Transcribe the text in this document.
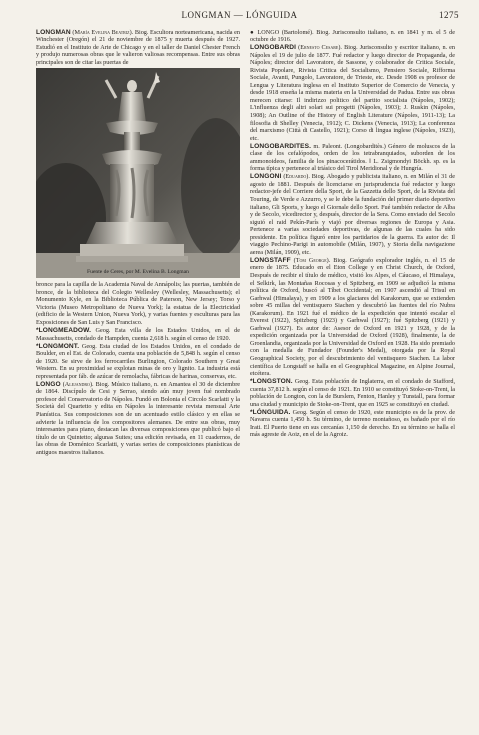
LONGMAN — LÓNGUIDA	1275

LONGMAN (María Evelina Beatriz). Biog. Escultora norteamericana, nacida en Winchester (Oregón) el 21 de noviembre de 1875 y muerta después de 1927. Estudió en el Instituto de Arte de Chicago y en el taller de Daniel Chester French y produjo numerosas obras que le valieron valiosas recompensas. Entre sus obras principales son de citar las puertas de

Fuente de Ceres, por M. Evelina B. Longman

bronce para la capilla de la Academia Naval de Annápolis; las puertas, también de bronce, de la biblioteca del Colegio Wellesley (Wellesley, Massachusetts); el Monumento Kyle, en la Biblioteca Pública de Paterson, New Jersey; Torso y Victoria (Museo Metropolitano de Nueva York); la estatua de la Electricidad (edificio de la Western Union, Nueva York), y varias fuentes y esculturas para las Exposiciones de San Luis y San Francisco.

*LONGMEADOW. Geog. Esta villa de los Estados Unidos, en el de Massachusetts, condado de Hampden, cuenta 2,618 h. según el censo de 1920.

*LONGMONT. Geog. Esta ciudad de los Estados Unidos, en el condado de Boulder, en el Est. de Colorado, cuenta una población de 5,848 h. según el censo de 1920. Se sirve de los ferrocarriles Burlington, Colorado Southern y Great Western. En su proximidad se explotan minas de oro y lignito. La industria está representada por fáb. de azúcar de remolacha, fábricas de harinas, conservas, etc.

LONGO (Alejandro). Biog. Músico italiano, n. en Amantea el 30 de diciembre de 1864. Discípulo de Cesi y Serrao, siendo aún muy joven fué nombrado profesor del Conservatorio de Nápoles. Fundó en Bolonia el Circolo Scarlatti y la Società del Quartetto y edita en Nápoles la interesante revista mensual Arte Pianística. Sus composiciones son de un acentuado estilo clásico y en ellas se advierte la influencia de los compositores alemanes. De entre sus obras, muy interesantes para piano, destacan las diversas composiciones que publicó bajo el título de un Quintetto; algunas Suites; una edición revisada, en 11 cuadernos, de las obras de Doménico Scarlatti, y varias series de composiciones pianísticas de antiguos maestros italianos.

● LONGO (Bartolomé). Biog. Jurisconsulto italiano, n. en 1841 y m. el 5 de octubre de 1916.

LONGOBARDI (Ernesto Cesare). Biog. Jurisconsulto y escritor italiano, n. en Nápoles el 19 de julio de 1877. Fué redactor y luego director de Propaganda, de Nápoles; director del Lavoratore, de Sassone, y colaborador de Critica Sociale, Rivista Popolare, Rivista Critica del Socialismo, Pensiero Sociale, Rifforma Sociale, Avanti, Pungolo, Lavoratore, de Trieste, etc. Desde 1908 es profesor de Lengua y Literatura inglesa en el Instituto Superior de Comercio de Venecia, y desde 1918 enseña la misma materia en la Universidad de Padua. Entre sus obras merecen citarse: Il indirizzo politico del partito socialista (Nápoles, 1902); L'influenza degli altri solari sui progetti (Nápoles, 1903); J. Ruskin (Nápoles, 1908); An Outline of the History of English Literature (Nápoles, 1911-13); La filosofia di Shelley (Venecia, 1912); C. Dickens (Venecia, 1913); La conferenza del marxismo (Città di Castello, 1921); Corso di lingua inglese (Nápoles, 1923), etc.

LONGOBARDITES. m. Paleont. (Longobarditès.) Género de moluscos de la clase de los cefalópodos, orden de los tetrabranquiados, suborden de los ammonoideos, familia de los pinacocerátidos. ‖ L. Zsigmondyi Böckh. sp. es la forma típica y pertenece al triásico del Tirol Meridional y de Hungría.

LONGONI (Eduardo). Biog. Abogado y publicista italiano, n. en Milán el 31 de agosto de 1881. Después de licenciarse en jurisprudencia fué redactor y luego redactor-jefe del Corriere della Sport, de la Gazzetta dello Sport, de la Rivista del Touring, de Verde e Azzurro, y se le debe la fundación del primer diario deportivo italiano, Gli Sports, y luego el Giornale dello Sport. Fué también redactor de Alba y de Secolo, vicedirector y, después, director de la Sera. Como enviado del Secolo siguió el raid Pekín-París y viajó por diversas regiones de Europa y Asia. Pertenece a varias sociedades deportivas, de algunas de las cuales ha sido presidente. En política figuró entre los partidarios de la guerra. Es autor de: Il viaggio Pechino-Parigi in automobile (Milán, 1907), y Storia della navigazione aerea (Milán, 1909), etc.

LONGSTAFF (Tom George). Biog. Geógrafo explorador inglés, n. el 15 de enero de 1875. Educado en el Eton College y en Christ Church, de Oxford, Después de recibir el título de médico, visitó los Alpes, el Cáucaso, el Himalaya, el Selkirk, las Montañas Rocosas y el Spitzberg, en 1909 se adjudicó la misma política de Oxford, buscó al Tíbet Occidental; en 1907 ascendió al Trisul en Garhwal (Himalaya), y en 1909 a los glaciares del Karakorum, que se extienden sobre 45 millas del ventisquero Siachen y descubrió las fuentes del río Nubra (Karakorum). En 1921 fué el médico de la expedición que intentó escalar el Everest (1922), Spitzberg (1923) y Garhwal (1927); fué Spitzberg (1921) y Garhwal (1927). Es autor de: Asesor de Oxford en 1921 y 1928, y de la expedición organizada por la Universidad de Oxford (1928), finalmente, la de Groenlandia, organizada por la Universidad de Oxford en 1928. Ha sido premiado con la medalla de Fundador (Founder's Medal), otorgada por la Royal Geographical Society, por el descubrimiento del ventisquero Siachen. La labor científica de Longstaff se halla en el Geographical Magazine, en Alpine Journal, etcétera.

*LONGSTON. Geog. Esta población de Inglaterra, en el condado de Stafford, cuenta 37,812 h. según el censo de 1921. En 1910 se constituyó Stoke-on-Trent, la población de Longton, con la de Burslem, Fenton, Hanley y Tunstall, para formar una ciudad y municipio de Stoke-on-Trent, que en 1925 se constituyó en ciudad.

*LÓNGUIDA. Geog. Según el censo de 1920, este municipio es de la prov. de Navarra cuenta 1,450 h. Su término, de terreno montañoso, es bañado por el río Irati. El Puerto tiene en sus cercanías 1,150 de derecho. En su término se halla el más agreste de Aoiz, en el de la Agroiz.
